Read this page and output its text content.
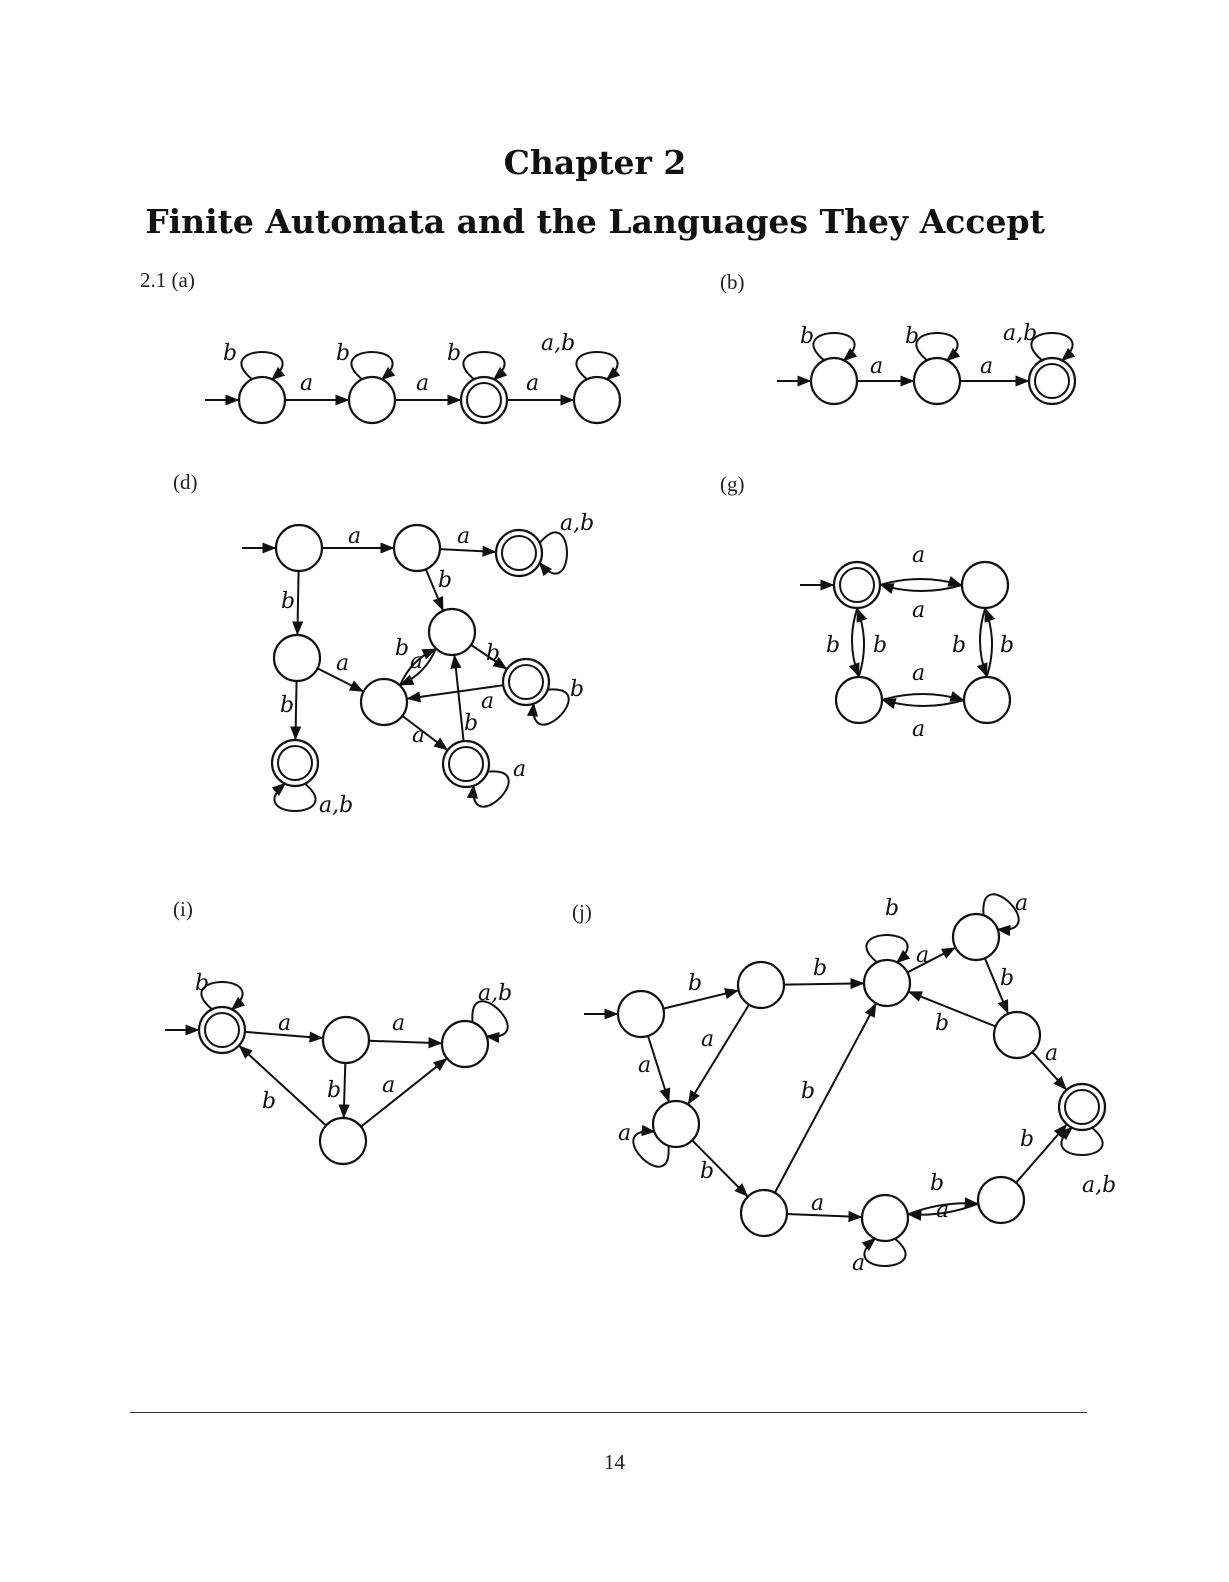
Chapter 2
Finite Automata and the Languages They Accept
2.1 (a)	(b)
(d)	(g)
(i)	(j)
b	b	b	a,b
a	a	a
b	b	a,b
a	a
a	a
a,b
b
b
b
a
b
a	b
a	b
a b
a
a,b
a
a
a
a
b b	b b
b
a	a
a,b
b b a
b
b
a
b
b
a
b	a
a
a
a
b
b
a
b
a
b
a,b
a
14
